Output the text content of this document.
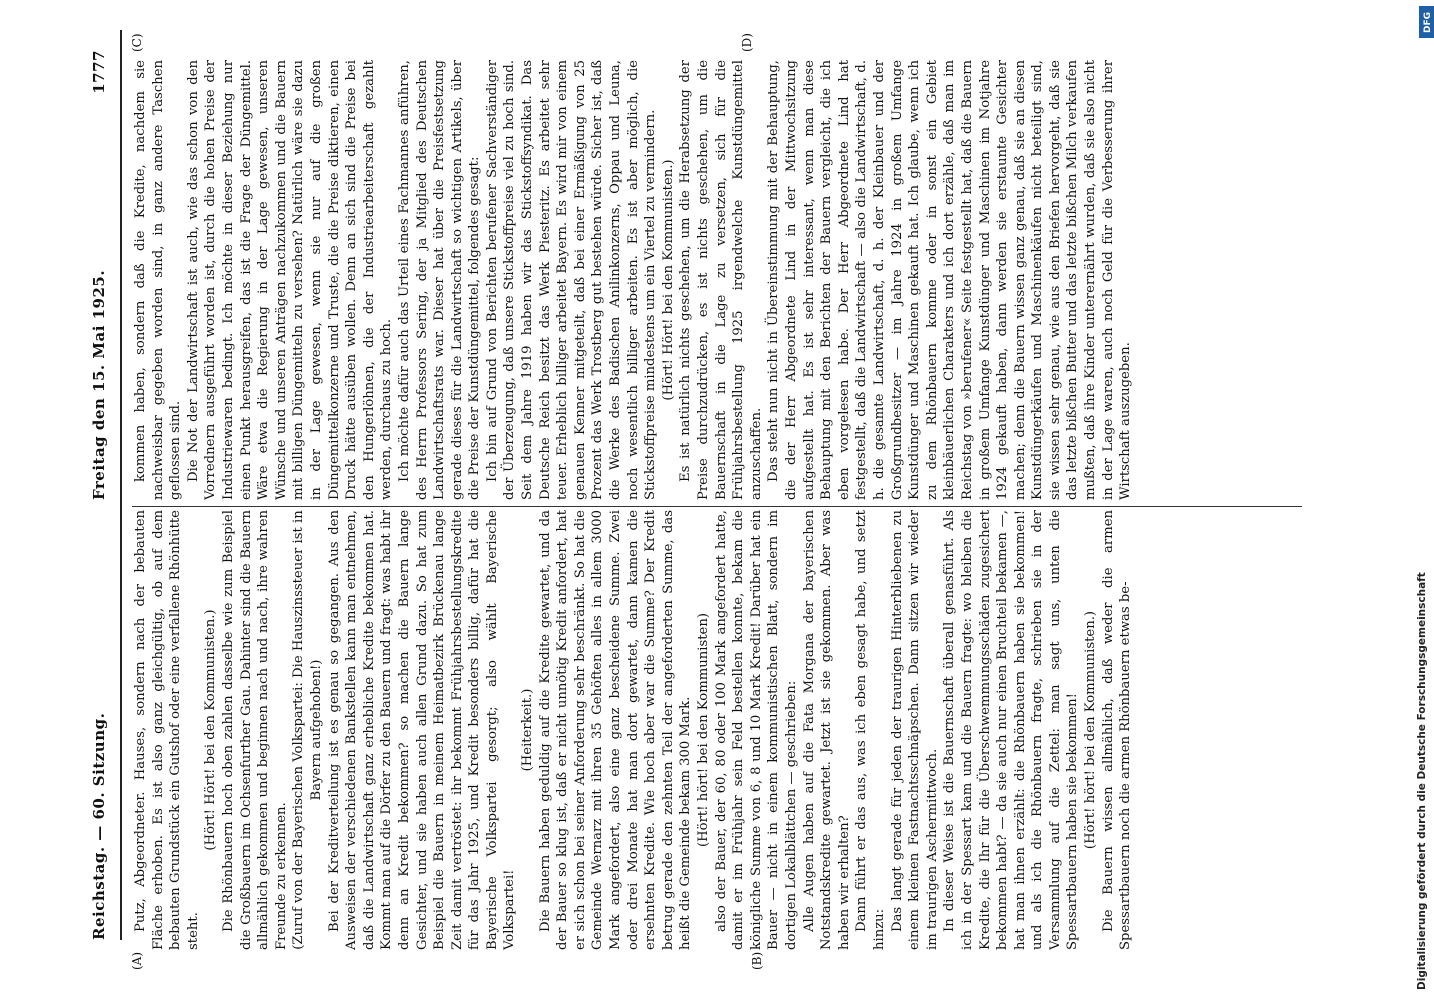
Reichstag. — 60. Sitzung.
Freitag den 15. Mai 1925.
1777
(A)	(B)
(C)	(D)

Putz, Abgeordneter. Hauses, sondern nach der bebauten Fläche erhoben. Es ist also ganz gleichgültig, ob auf dem bebauten Grundstück ein Gutshof oder eine verfallene Rhönhütte steht.

(Hört! Hört! bei den Kommunisten.) Die Rhönbauern hoch oben zahlen dasselbe wie zum Beispiel die Großbauern im Ochsenfurther Gau. Dahinter sind die Bauern allmählich gekommen und beginnen nach und nach, ihre wahren Freunde zu erkennen. (Zuruf von der Bayerischen Volkspartei: Die Hauszinssteuer ist in Bayern aufgehoben!) Bei der Kreditverteilung ist es genau so gegangen. Aus den Ausweisen der verschiedenen Bankstellen kann man entnehmen, daß die Landwirtschaft ganz erhebliche Kredite bekommen hat. Kommt man auf die Dörfer zu den Bauern und fragt: was habt ihr denn an Kredit bekommen? so machen die Bauern lange Gesichter, und sie haben auch allen Grund dazu. So hat zum Beispiel die Bauern in meinem Heimatbezirk Brückenau lange Zeit damit vertröstet: ihr bekommt Frühjahrsbestellungskredite für das Jahr 1925, und Kredit besonders billig, dafür hat die Bayerische Volkspartei gesorgt; also wählt Bayerische Volkspartei!

(Heiterkeit.) Die Bauern haben geduldig auf die Kredite gewartet, und da der Bauer so klug ist, daß er nicht unnötig Kredit anfordert, hat er sich schon bei seiner Anforderung sehr beschränkt. So hat die Gemeinde Wernarz mit ihren 35 Gehöften alles in allem 3000 Mark angefordert, also eine ganz bescheidene Summe. Zwei oder drei Monate hat man dort gewartet, dann kamen die ersehnten Kredite. Wie hoch aber war die Summe? Der Kredit betrug gerade den zehnten Teil der angeforderten Summe, das heißt die Gemeinde bekam 300 Mark. (Hört! hört! bei den Kommunisten) also der Bauer, der 60, 80 oder 100 Mark angefordert hatte, damit er im Frühjahr sein Feld bestellen konnte, bekam die königliche Summe von 6, 8 und 10 Mark Kredit! Darüber hat ein Bauer — nicht in einem kommunistischen Blatt, sondern im dortigen Lokalblättchen — geschrieben: Alle Augen haben auf die Fata Morgana der bayerischen Notstandskredite gewartet. Jetzt ist sie gekommen. Aber was haben wir erhalten? Dann führt er das aus, was ich eben gesagt habe, und setzt hinzu: Das langt gerade für jeden der traurigen Hinterbliebenen zu einem kleinen Fastnachtsschnäpschen. Dann sitzen wir wieder im traurigen Aschermittwoch. In dieser Weise ist die Bauernschaft überall genasführt. Als ich in der Spessart kam und die Bauern fragte: wo bleiben die Kredite, die Ihr für die Überschwemmungsschäden zugesichert bekommen habt? — da sie auch nur einen Bruchteil bekamen —, hat man ihnen erzählt: die Rhönbauern haben sie bekommen! und als ich die Rhönbauern fragte, schrieben sie in der Versammlung auf die Zettel: man sagt uns, unten die Spessartbauern haben sie bekommen! (Hört! hört! bei den Kommunisten.) Die Bauern wissen allmählich, daß weder die armen Spessartbauern noch die armen Rhönbauern etwas be-

kommen haben, sondern daß die Kredite, nachdem sie nachweisbar gegeben worden sind, in ganz andere Taschen geflossen sind. Die Not der Landwirtschaft ist auch, wie das schon von den Vorrednern ausgeführt worden ist, durch die hohen Preise der Industriewaren bedingt. Ich möchte in dieser Beziehung nur einen Punkt herausgreifen, das ist die Frage der Düngemittel. Wäre etwa die Regierung in der Lage gewesen, unseren Wünsche und unseren Anträgen nachzukommen und die Bauern mit billigen Düngemitteln zu versehen? Natürlich wäre sie dazu in der Lage gewesen, wenn sie nur auf die großen Düngemittelkonzerne und Truste, die die Preise diktieren, einen Druck hätte ausüben wollen. Denn an sich sind die Preise bei den Hungerlöhnen, die der Industriearbeiterschaft gezahlt werden, durchaus zu hoch. Ich möchte dafür auch das Urteil eines Fachmannes anführen, des Herrn Professors Sering, der ja Mitglied des Deutschen Landwirtschaftsrats war. Dieser hat über die Preisfestsetzung gerade dieses für die Landwirtschaft so wichtigen Artikels, über die Preise der Kunstdüngemittel, folgendes gesagt: Ich bin auf Grund von Berichten berufener Sachverständiger der Überzeugung, daß unsere Stickstoffpreise viel zu hoch sind. Seit dem Jahre 1919 haben wir das Stickstoffsyndikat. Das Deutsche Reich besitzt das Werk Piesteritz. Es arbeitet sehr teuer. Erheblich billiger arbeitet Bayern. Es wird mir von einem genauen Kenner mitgeteilt, daß bei einer Ermäßigung von 25 Prozent das Werk Trostberg gut bestehen würde. Sicher ist, daß die Werke des Badischen Anilinkonzerns, Oppau und Leuna, noch wesentlich billiger arbeiten. Es ist aber möglich, die Stickstoffpreise mindestens um ein Viertel zu vermindern. (Hört! Hört! bei den Kommunisten.) Es ist natürlich nichts geschehen, um die Herabsetzung der Preise durchzudrücken, es ist nichts geschehen, um die Bauernschaft in die Lage zu versetzen, sich für die Frühjahrsbestellung 1925 irgendwelche Kunstdüngemittel anzuschaffen. Das steht nun nicht in Übereinstimmung mit der Behauptung, die der Herr Abgeordnete Lind in der Mittwochsitzung aufgestellt hat. Es ist sehr interessant, wenn man diese Behauptung mit den Berichten der Bauern vergleicht, die ich eben vorgelesen habe. Der Herr Abgeordnete Lind hat festgestellt, daß die Landwirtschaft — also die Landwirtschaft, d. h. die gesamte Landwirtschaft, d. h. der Kleinbauer und der Großgrundbesitzer — im Jahre 1924 in großem Umfange Kunstdünger und Maschinen gekauft hat. Ich glaube, wenn ich zu dem Rhönbauern komme oder in sonst ein Gebiet kleinbäuerlichen Charakters und ich dort erzähle, daß man im Reichstag von »berufener« Seite festgestellt hat, daß die Bauern in großem Umfange Kunstdünger und Maschinen im Notjahre 1924 gekauft haben, dann werden sie erstaunte Gesichter machen; denn die Bauern wissen ganz genau, daß sie an diesen Kunstdüngerkäufen und Maschinenkäufen nicht beteiligt sind, sie wissen sehr genau, wie aus den Briefen hervorgeht, daß sie das letzte bißchen Butter und das letzte bißchen Milch verkaufen mußten, daß ihre Kinder unterernährt wurden, daß sie also nicht in der Lage waren, auch noch Geld für die Verbesserung ihrer Wirtschaft auszugeben.

DFG
Digitalisierung gefördert durch die Deutsche Forschungsgemeinschaft
